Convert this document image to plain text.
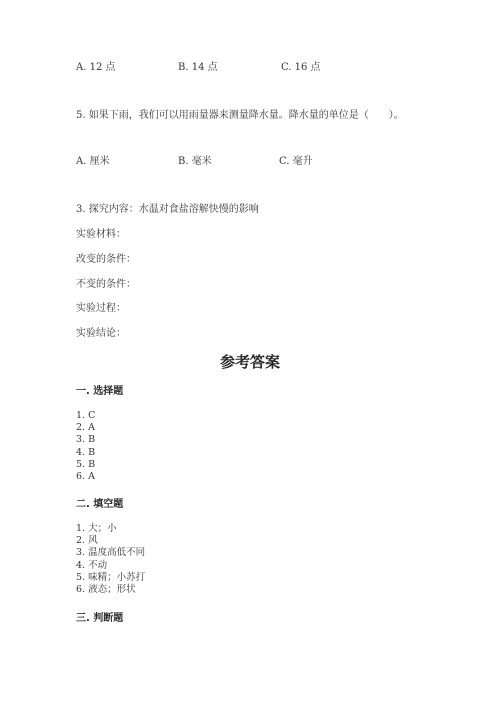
A. 12 点	B. 14 点	C. 16 点
5. 如果下雨，我们可以用雨量器来测量降水量。降水量的单位是（　　）。
A. 厘米	B. 毫米	C. 毫升
3. 探究内容：水温对食盐溶解快慢的影响
实验材料：
改变的条件：
不变的条件：
实验过程：
实验结论：
参考答案
一. 选择题
1. C
2. A
3. B
4. B
5. B
6. A
二. 填空题
1. 大；小
2. 风
3. 温度高低不同
4. 不动
5. 味精；小苏打
6. 液态；形状
三. 判断题
